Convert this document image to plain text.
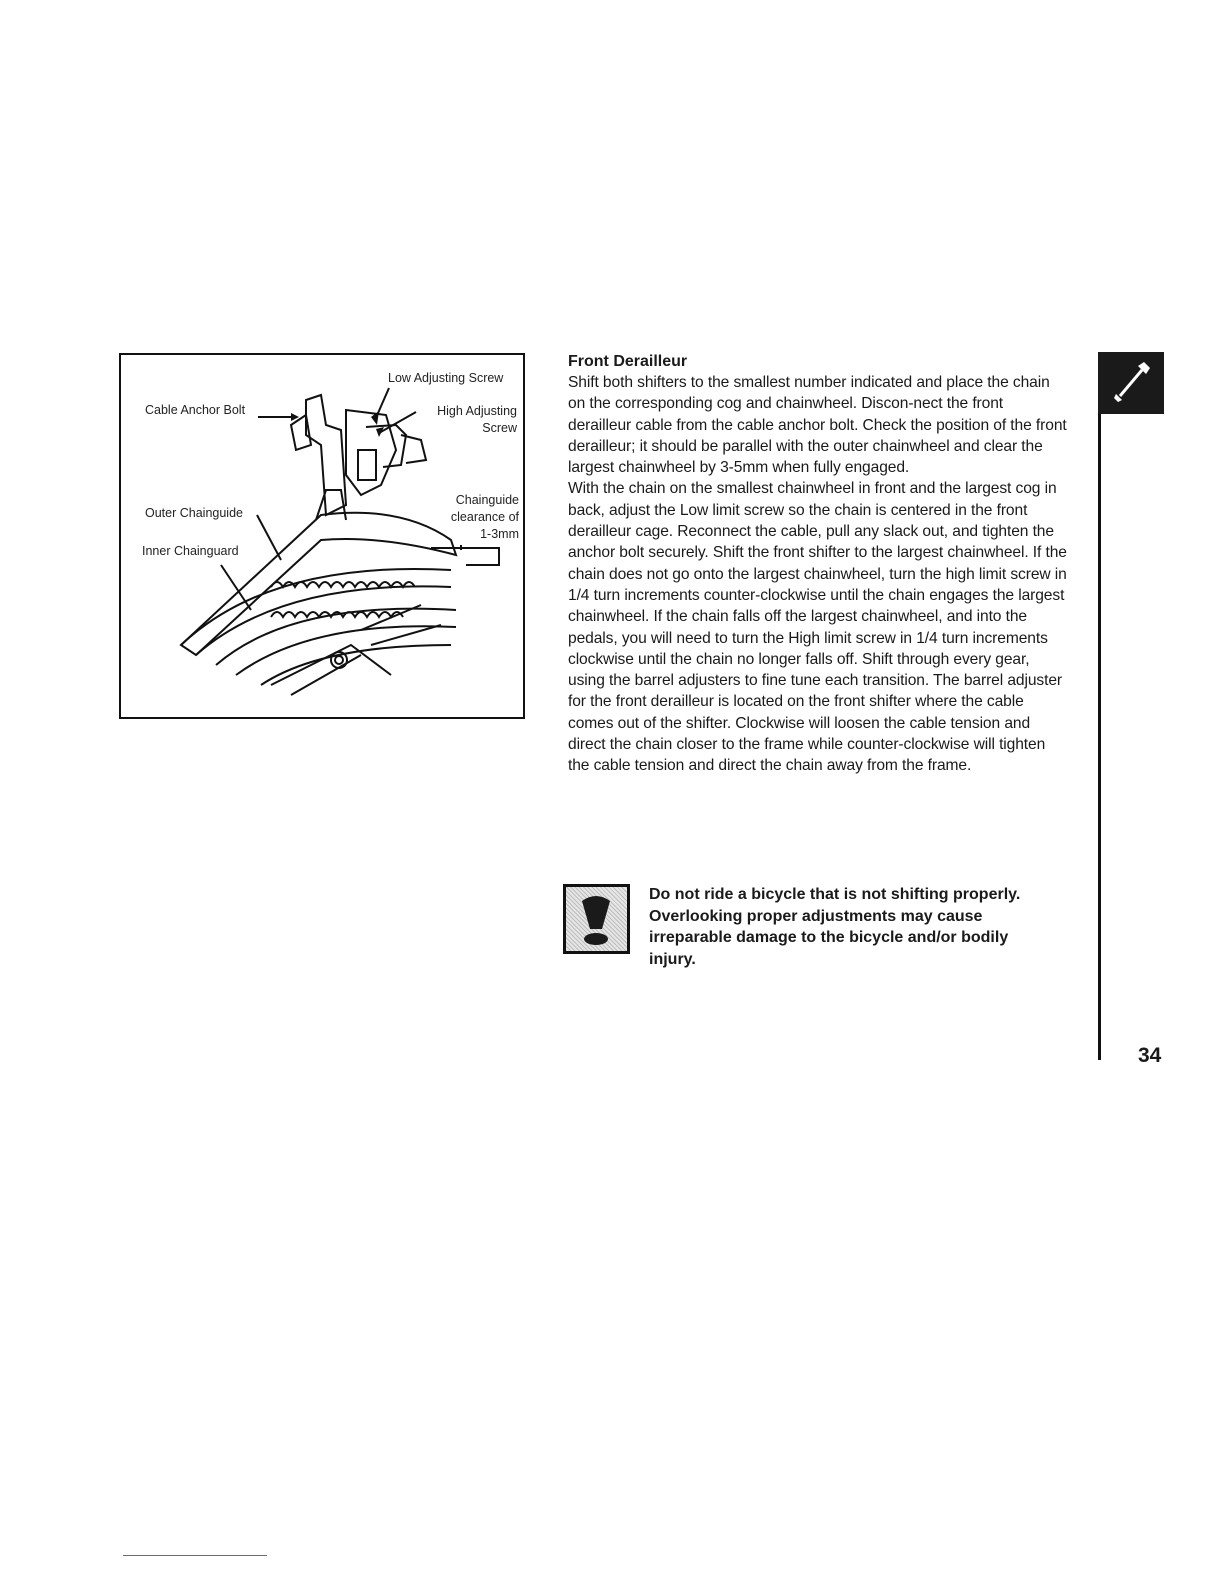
Low Adjusting Screw
Cable Anchor Bolt	High Adjusting
Screw
Chainguide
clearance of
1-3mm
Outer Chainguide
Inner Chainguard
Front Derailleur

Shift both shifters to the smallest number indicated and place the chain on the corresponding cog and chainwheel. Discon-nect the front derailleur cable from the cable anchor bolt. Check the position of the front derailleur; it should be parallel with the outer chainwheel and clear the largest chainwheel by 3-5mm when fully engaged.

With the chain on the smallest chainwheel in front and the largest cog in back, adjust the Low limit screw so the chain is centered in the front derailleur cage. Reconnect the cable, pull any slack out, and tighten the anchor bolt securely. Shift the front shifter to the largest chainwheel. If the chain does not go onto the largest chainwheel, turn the high limit screw in 1/4 turn increments counter-clockwise until the chain engages the largest chainwheel. If the chain falls off the largest chainwheel, and into the pedals, you will need to turn the High limit screw in 1/4 turn increments clockwise until the chain no longer falls off. Shift through every gear, using the barrel adjusters to fine tune each transition. The barrel adjuster for the front derailleur is located on the front shifter where the cable comes out of the shifter. Clockwise will loosen the cable tension and direct the chain closer to the frame while counter-clockwise will tighten the cable tension and direct the chain away from the frame.

Do not ride a bicycle that is not shifting properly. Overlooking proper adjustments may cause irreparable damage to the bicycle and/or bodily injury.
34
